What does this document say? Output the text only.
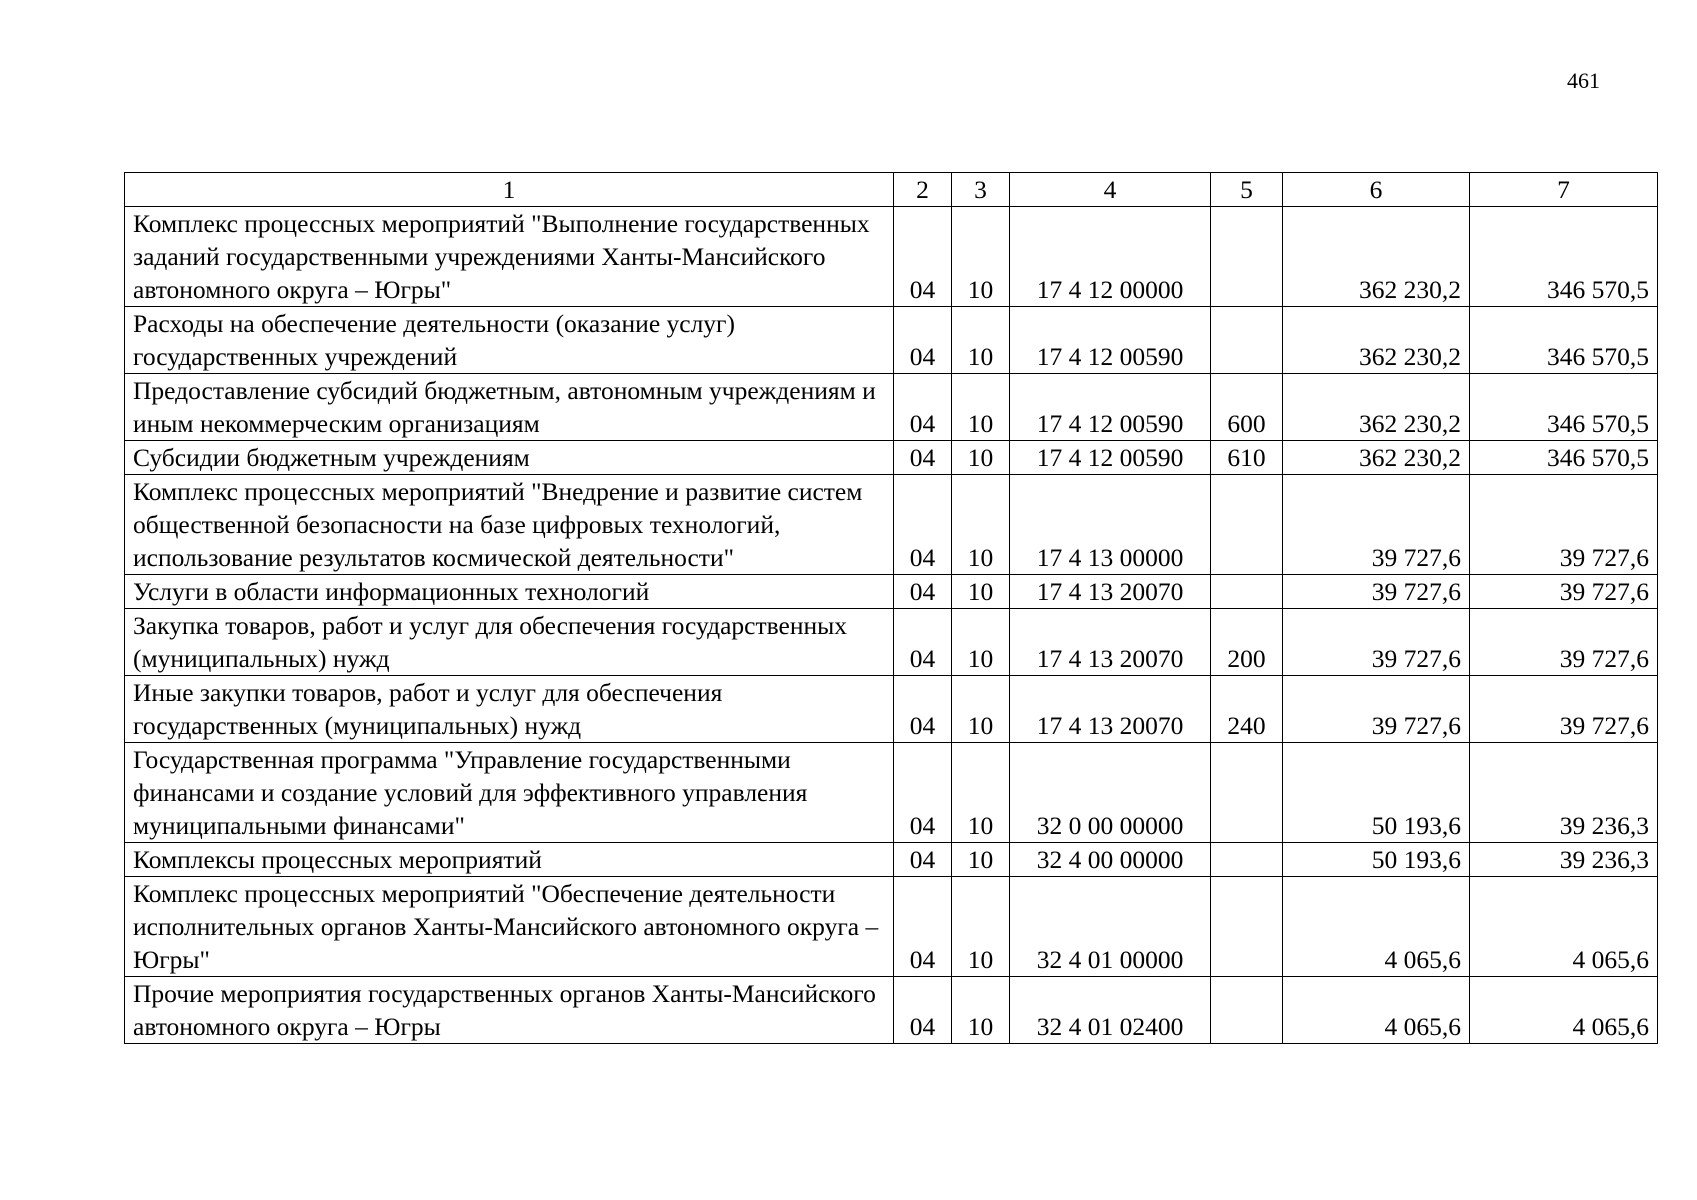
461
1	2	3	4	5	6	7
Комплекс процессных мероприятий "Выполнение государственных заданий государственными учреждениями Ханты-Мансийского автономного округа – Югры"	04	10	17 4 12 00000		362 230,2	346 570,5
Расходы на обеспечение деятельности (оказание услуг) государственных учреждений	04	10	17 4 12 00590		362 230,2	346 570,5
Предоставление субсидий бюджетным, автономным учреждениям и иным некоммерческим организациям	04	10	17 4 12 00590	600	362 230,2	346 570,5
Субсидии бюджетным учреждениям	04	10	17 4 12 00590	610	362 230,2	346 570,5
Комплекс процессных мероприятий "Внедрение и развитие систем общественной безопасности на базе цифровых технологий, использование результатов космической деятельности"	04	10	17 4 13 00000		39 727,6	39 727,6
Услуги в области информационных технологий	04	10	17 4 13 20070		39 727,6	39 727,6
Закупка товаров, работ и услуг для обеспечения государственных (муниципальных) нужд	04	10	17 4 13 20070	200	39 727,6	39 727,6
Иные закупки товаров, работ и услуг для обеспечения государственных (муниципальных) нужд	04	10	17 4 13 20070	240	39 727,6	39 727,6
Государственная программа "Управление государственными финансами и создание условий для эффективного управления муниципальными финансами"	04	10	32 0 00 00000		50 193,6	39 236,3
Комплексы процессных мероприятий	04	10	32 4 00 00000		50 193,6	39 236,3
Комплекс процессных мероприятий "Обеспечение деятельности исполнительных органов Ханты-Мансийского автономного округа – Югры"	04	10	32 4 01 00000		4 065,6	4 065,6
Прочие мероприятия государственных органов Ханты-Мансийского автономного округа – Югры	04	10	32 4 01 02400		4 065,6	4 065,6
